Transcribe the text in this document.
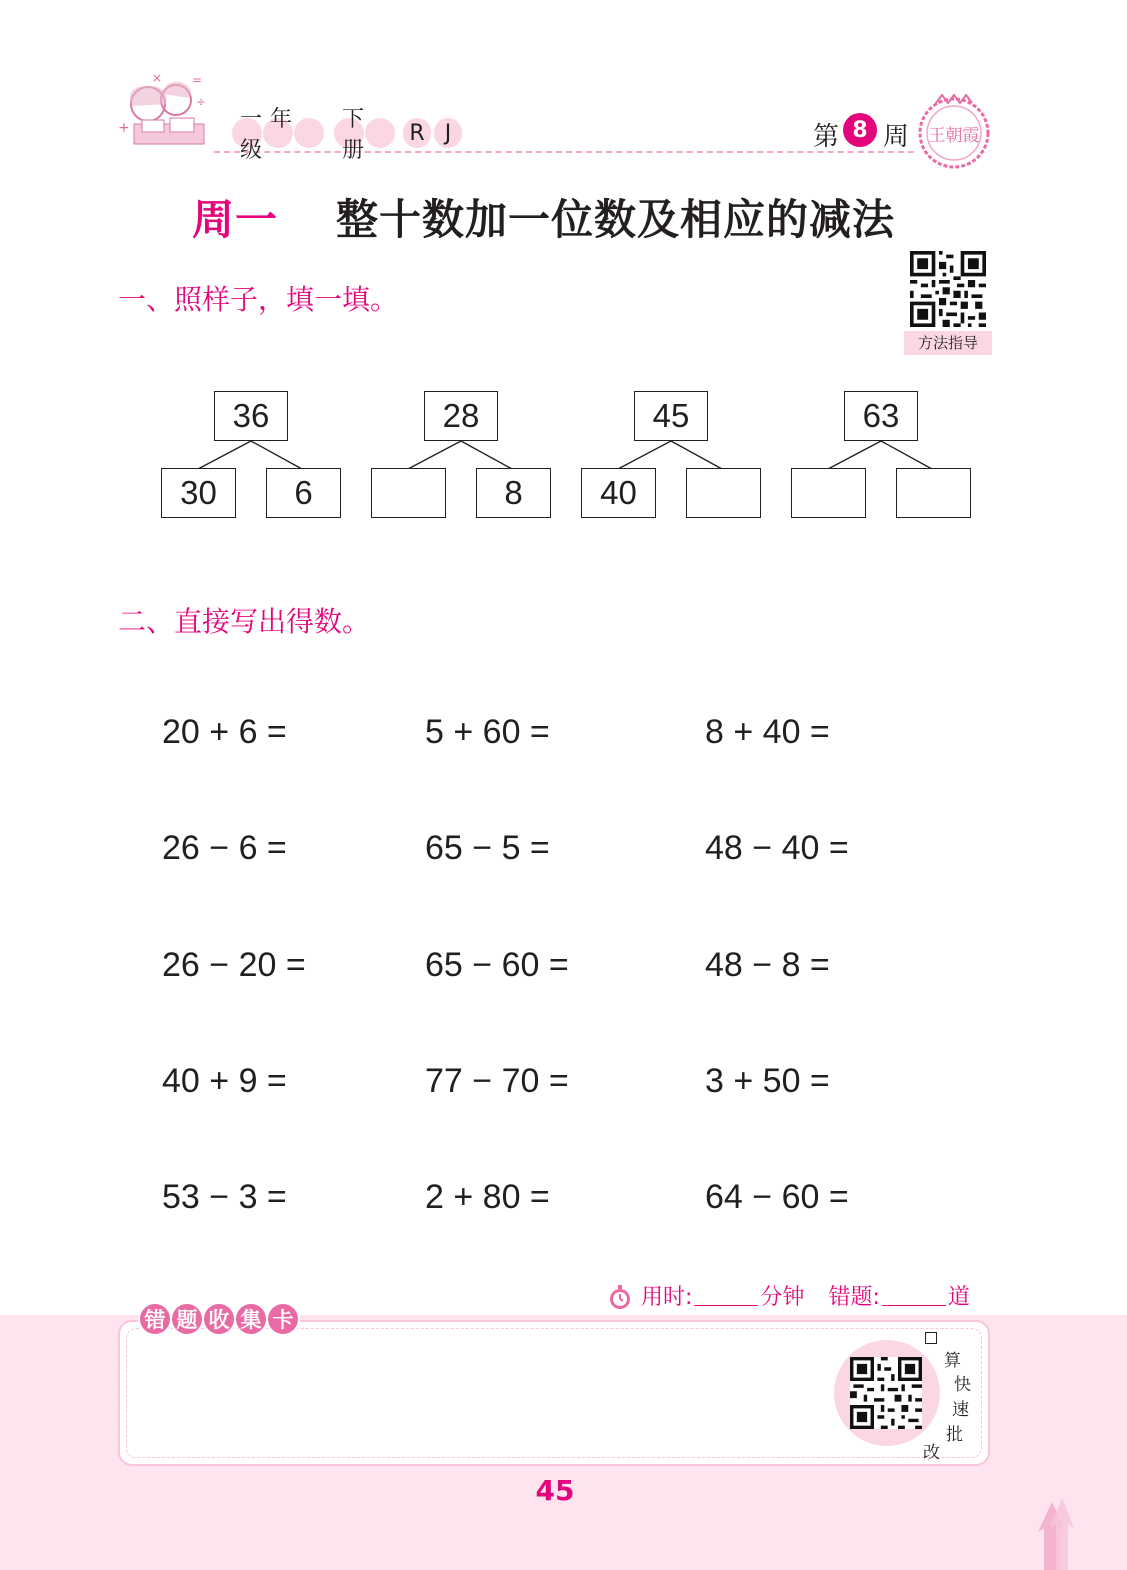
+
÷
× =
一年级
下册
R J	第 8 周	王朝霞
周一 整十数加一位数及相应的减法
一、照样子，填一填。
方法指导
36
30	6
28
8
45
40
63
二、直接写出得数。
20 + 6 =	5 + 60 =	8 + 40 =
26 − 6 =	65 − 5 =	48 − 40 =
26 − 20 =	65 − 60 =	48 − 8 =
40 + 9 =	77 − 70 =	3 + 50 =
53 − 3 =	2 + 80 =	64 − 60 =
用时:	分钟 错题:	道
错 题 收 集 卡
算
快
速
批
改
45
